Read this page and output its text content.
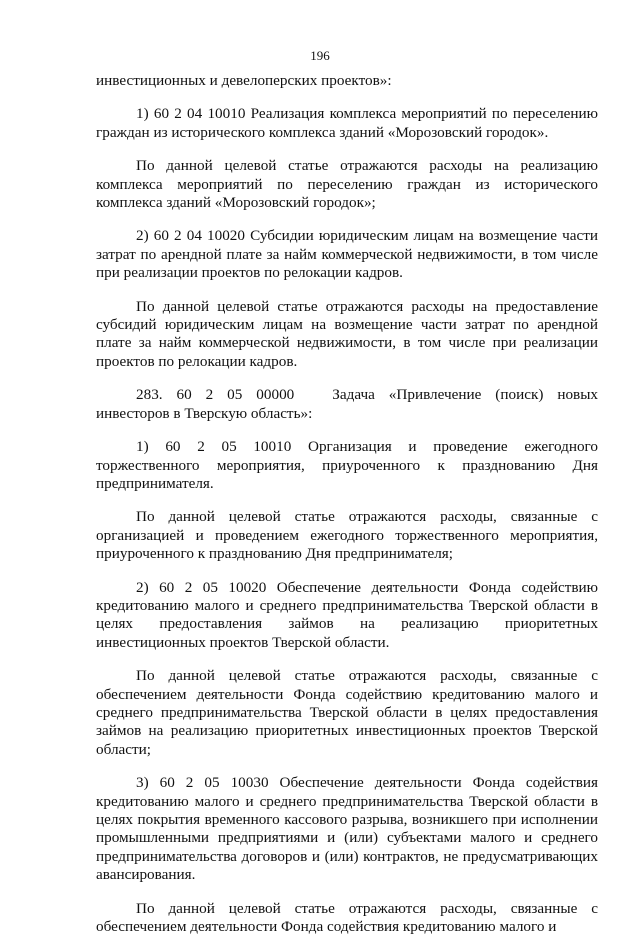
196

инвестиционных и девелоперских проектов»:

1) 60 2 04 10010 Реализация комплекса мероприятий по переселению граждан из исторического комплекса зданий «Морозовский городок».

По данной целевой статье отражаются расходы на реализацию комплекса мероприятий по переселению граждан из исторического комплекса зданий «Морозовский городок»;

2) 60 2 04 10020 Субсидии юридическим лицам на возмещение части затрат по арендной плате за найм коммерческой недвижимости, в том числе при реализации проектов по релокации кадров.

По данной целевой статье отражаются расходы на предоставление субсидий юридическим лицам на возмещение части затрат по арендной плате за найм коммерческой недвижимости, в том числе при реализации проектов по релокации кадров.

283. 60 2 05 00000	Задача «Привлечение (поиск) новых инвесторов в Тверскую область»:

1) 60 2 05 10010 Организация и проведение ежегодного торжественного мероприятия, приуроченного к празднованию Дня предпринимателя.

По данной целевой статье отражаются расходы, связанные с организацией и проведением ежегодного торжественного мероприятия, приуроченного к празднованию Дня предпринимателя;

2) 60 2 05 10020 Обеспечение деятельности Фонда содействию кредитованию малого и среднего предпринимательства Тверской области в целях предоставления займов на реализацию приоритетных инвестиционных проектов Тверской области.

По данной целевой статье отражаются расходы, связанные с обеспечением деятельности Фонда содействию кредитованию малого и среднего предпринимательства Тверской области в целях предоставления займов на реализацию приоритетных инвестиционных проектов Тверской области;

3) 60 2 05 10030 Обеспечение деятельности Фонда содействия кредитованию малого и среднего предпринимательства Тверской области в целях покрытия временного кассового разрыва, возникшего при исполнении промышленными предприятиями и (или) субъектами малого и среднего предпринимательства договоров и (или) контрактов, не предусматривающих авансирования.

По данной целевой статье отражаются расходы, связанные с обеспечением деятельности Фонда содействия кредитованию малого и
